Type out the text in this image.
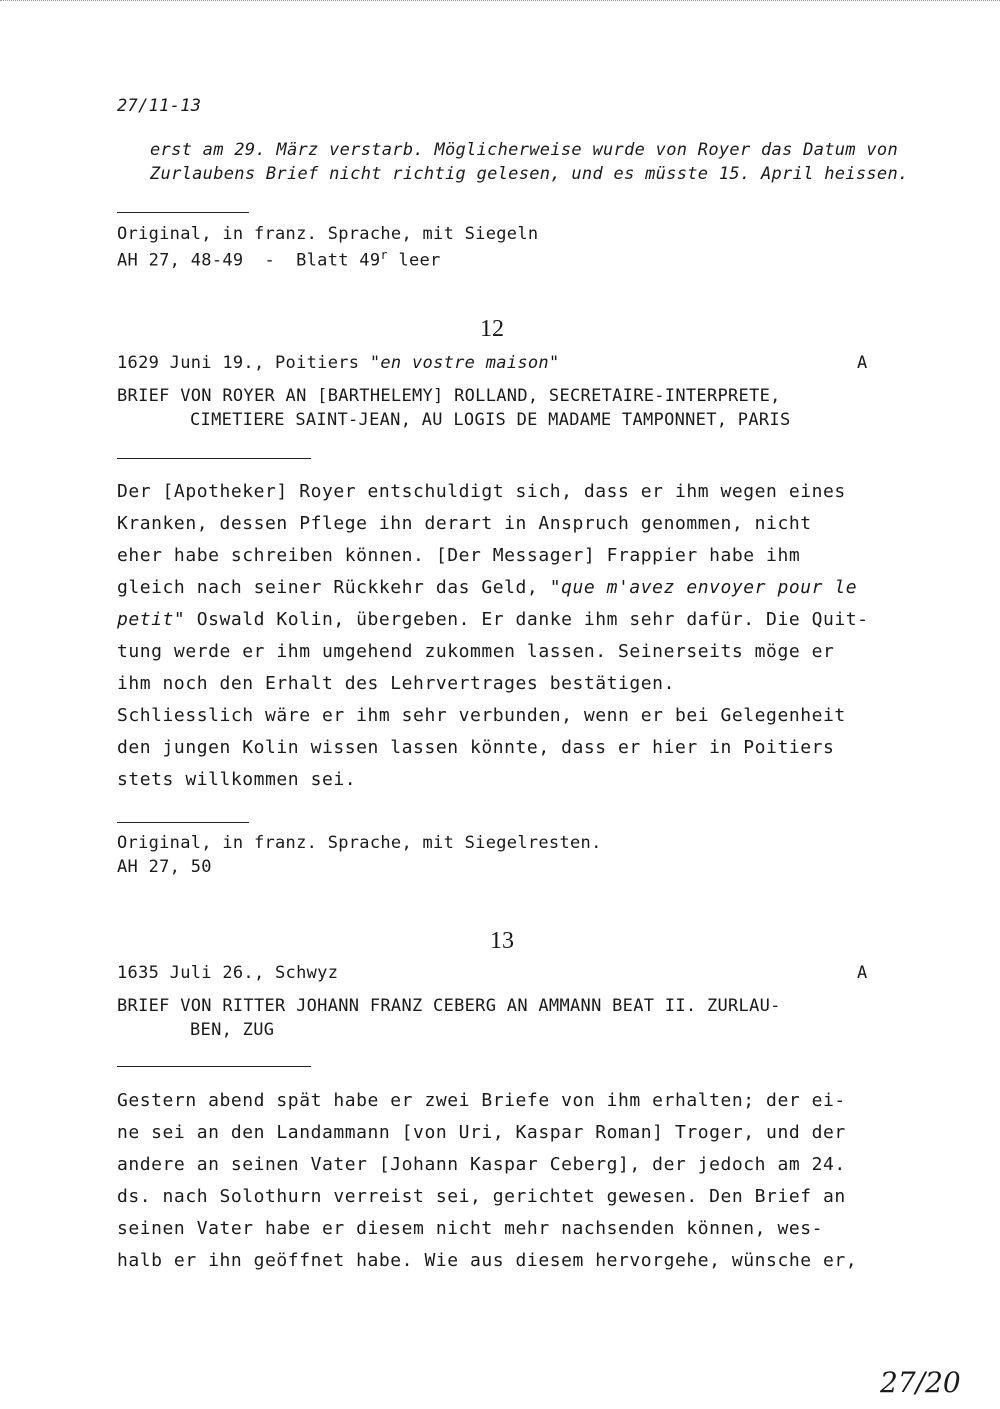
27/11-13
erst am 29. März verstarb. Möglicherweise wurde von Royer das Datum von
Zurlaubens Brief nicht richtig gelesen, und es müsste 15. April heissen.
Original, in franz. Sprache, mit Siegeln
AH 27, 48-49  -  Blatt 49$^r$ leer
12
1629 Juni 19., Poitiers "en vostre maison"	A
BRIEF VON ROYER AN [BARTHELEMY] ROLLAND, SECRETAIRE-INTERPRETE,
CIMETIERE SAINT-JEAN, AU LOGIS DE MADAME TAMPONNET, PARIS
Der [Apotheker] Royer entschuldigt sich, dass er ihm wegen eines
Kranken, dessen Pflege ihn derart in Anspruch genommen, nicht
eher habe schreiben können. [Der Messager] Frappier habe ihm
gleich nach seiner Rückkehr das Geld, "que m'avez envoyer pour le
petit" Oswald Kolin, übergeben. Er danke ihm sehr dafür. Die Quit-
tung werde er ihm umgehend zukommen lassen. Seinerseits möge er
ihm noch den Erhalt des Lehrvertrages bestätigen.
Schliesslich wäre er ihm sehr verbunden, wenn er bei Gelegenheit
den jungen Kolin wissen lassen könnte, dass er hier in Poitiers
stets willkommen sei.
Original, in franz. Sprache, mit Siegelresten.
AH 27, 50
13
1635 Juli 26., Schwyz	A
BRIEF VON RITTER JOHANN FRANZ CEBERG AN AMMANN BEAT II. ZURLAU-
BEN, ZUG
Gestern abend spät habe er zwei Briefe von ihm erhalten; der ei-
ne sei an den Landammann [von Uri, Kaspar Roman] Troger, und der
andere an seinen Vater [Johann Kaspar Ceberg], der jedoch am 24.
ds. nach Solothurn verreist sei, gerichtet gewesen. Den Brief an
seinen Vater habe er diesem nicht mehr nachsenden können, wes-
halb er ihn geöffnet habe. Wie aus diesem hervorgehe, wünsche er,
27/20
